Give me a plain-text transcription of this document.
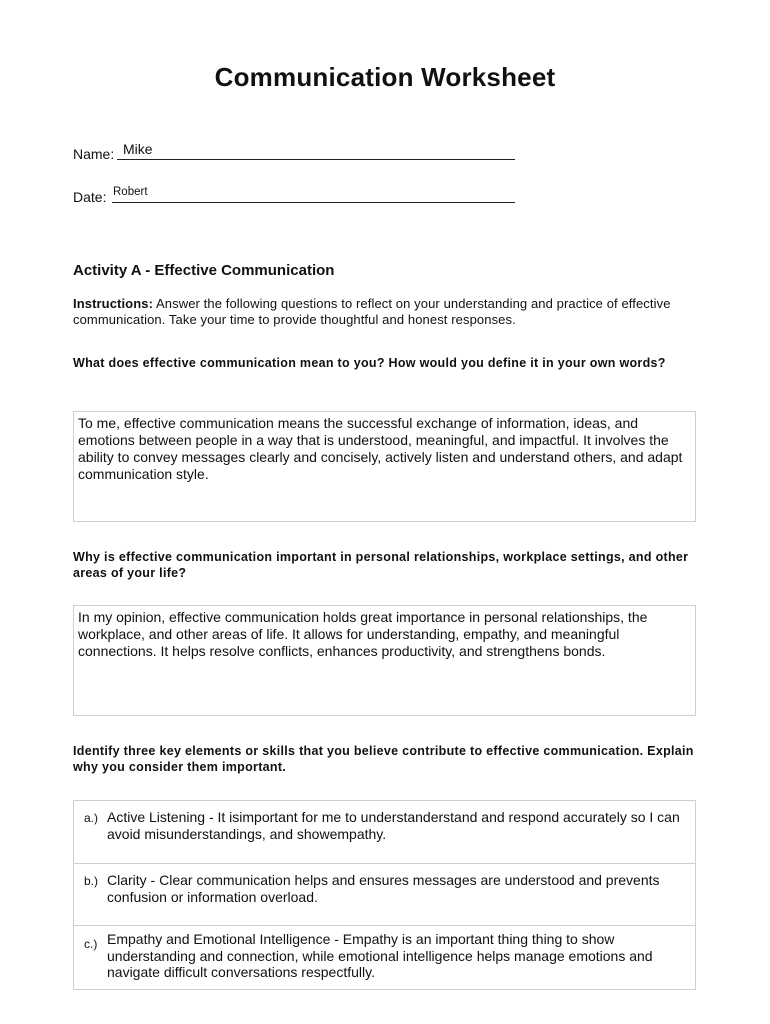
Communication Worksheet
Name: Mike
Date: Robert
Activity A - Effective Communication
Instructions: Answer the following questions to reflect on your understanding and practice of effective communication. Take your time to provide thoughtful and honest responses.
What does effective communication mean to you? How would you define it in your own words?
To me, effective communication means the successful exchange of information, ideas, and emotions between people in a way that is understood, meaningful, and impactful. It involves the ability to convey messages clearly and concisely, actively listen and understand others, and adapt communication style.
Why is effective communication important in personal relationships, workplace settings, and other areas of your life?
In my opinion, effective communication holds great importance in personal relationships, the workplace, and other areas of life. It allows for understanding, empathy, and meaningful connections. It helps resolve conflicts, enhances productivity, and strengthens bonds.
Identify three key elements or skills that you believe contribute to effective communication. Explain why you consider them important.
a.) Active Listening - It isimportant for me to understanderstand and respond accurately so I can avoid misunderstandings, and showempathy.
b.) Clarity - Clear communication helps and ensures messages are understood and prevents confusion or information overload.
c.) Empathy and Emotional Intelligence - Empathy is an important thing thing to show understanding and connection, while emotional intelligence helps manage emotions and navigate difficult conversations respectfully.
